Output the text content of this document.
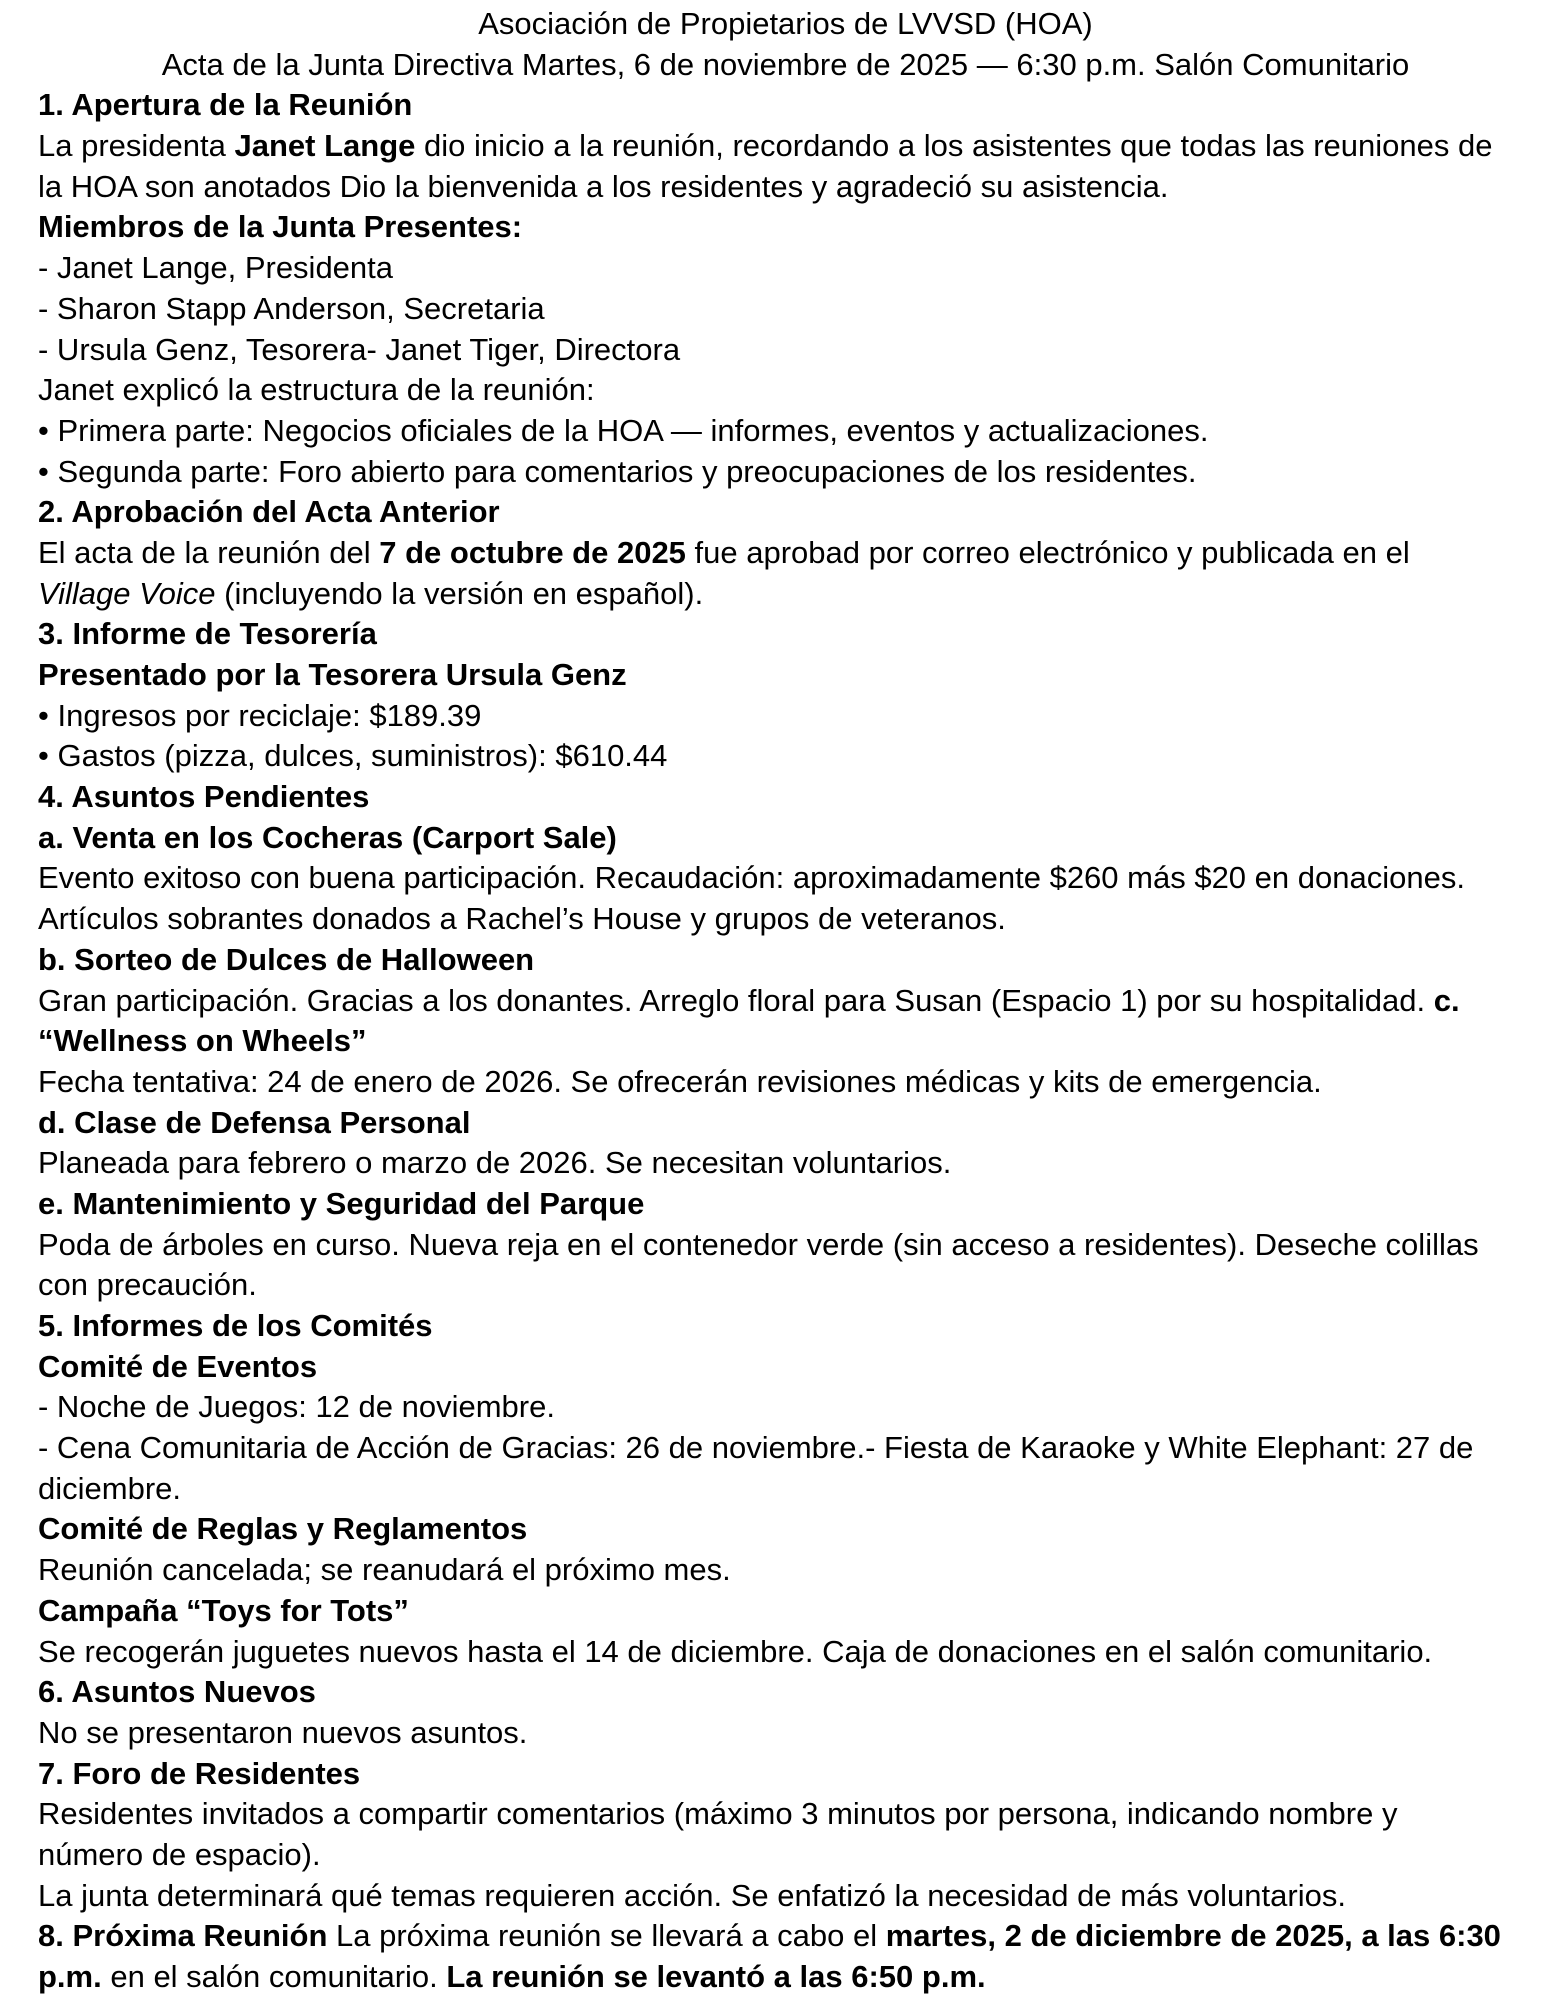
Asociación de Propietarios de LVVSD (HOA)
Acta de la Junta Directiva Martes, 6 de noviembre de 2025 — 6:30 p.m. Salón Comunitario
1. Apertura de la Reunión
La presidenta Janet Lange dio inicio a la reunión, recordando a los asistentes que todas las reuniones de
la HOA son anotados Dio la bienvenida a los residentes y agradeció su asistencia.
Miembros de la Junta Presentes:
- Janet Lange, Presidenta
- Sharon Stapp Anderson, Secretaria
- Ursula Genz, Tesorera- Janet Tiger, Directora
Janet explicó la estructura de la reunión:
• Primera parte: Negocios oficiales de la HOA — informes, eventos y actualizaciones.
• Segunda parte: Foro abierto para comentarios y preocupaciones de los residentes.
2. Aprobación del Acta Anterior
El acta de la reunión del 7 de octubre de 2025 fue aprobad por correo electrónico y publicada en el
Village Voice (incluyendo la versión en español).
3. Informe de Tesorería
Presentado por la Tesorera Ursula Genz
• Ingresos por reciclaje: $189.39
• Gastos (pizza, dulces, suministros): $610.44
4. Asuntos Pendientes
a. Venta en los Cocheras (Carport Sale)
Evento exitoso con buena participación. Recaudación: aproximadamente $260 más $20 en donaciones.
Artículos sobrantes donados a Rachel’s House y grupos de veteranos.
b. Sorteo de Dulces de Halloween
Gran participación. Gracias a los donantes. Arreglo floral para Susan (Espacio 1) por su hospitalidad. c.
“Wellness on Wheels”
Fecha tentativa: 24 de enero de 2026. Se ofrecerán revisiones médicas y kits de emergencia.
d. Clase de Defensa Personal
Planeada para febrero o marzo de 2026. Se necesitan voluntarios.
e. Mantenimiento y Seguridad del Parque
Poda de árboles en curso. Nueva reja en el contenedor verde (sin acceso a residentes). Deseche colillas
con precaución.
5. Informes de los Comités
Comité de Eventos
- Noche de Juegos: 12 de noviembre.
- Cena Comunitaria de Acción de Gracias: 26 de noviembre.- Fiesta de Karaoke y White Elephant: 27 de
diciembre.
Comité de Reglas y Reglamentos
Reunión cancelada; se reanudará el próximo mes.
Campaña “Toys for Tots”
Se recogerán juguetes nuevos hasta el 14 de diciembre. Caja de donaciones en el salón comunitario.
6. Asuntos Nuevos
No se presentaron nuevos asuntos.
7. Foro de Residentes
Residentes invitados a compartir comentarios (máximo 3 minutos por persona, indicando nombre y
número de espacio).
La junta determinará qué temas requieren acción. Se enfatizó la necesidad de más voluntarios.
8. Próxima Reunión La próxima reunión se llevará a cabo el martes, 2 de diciembre de 2025, a las 6:30
p.m. en el salón comunitario. La reunión se levantó a las 6:50 p.m.
